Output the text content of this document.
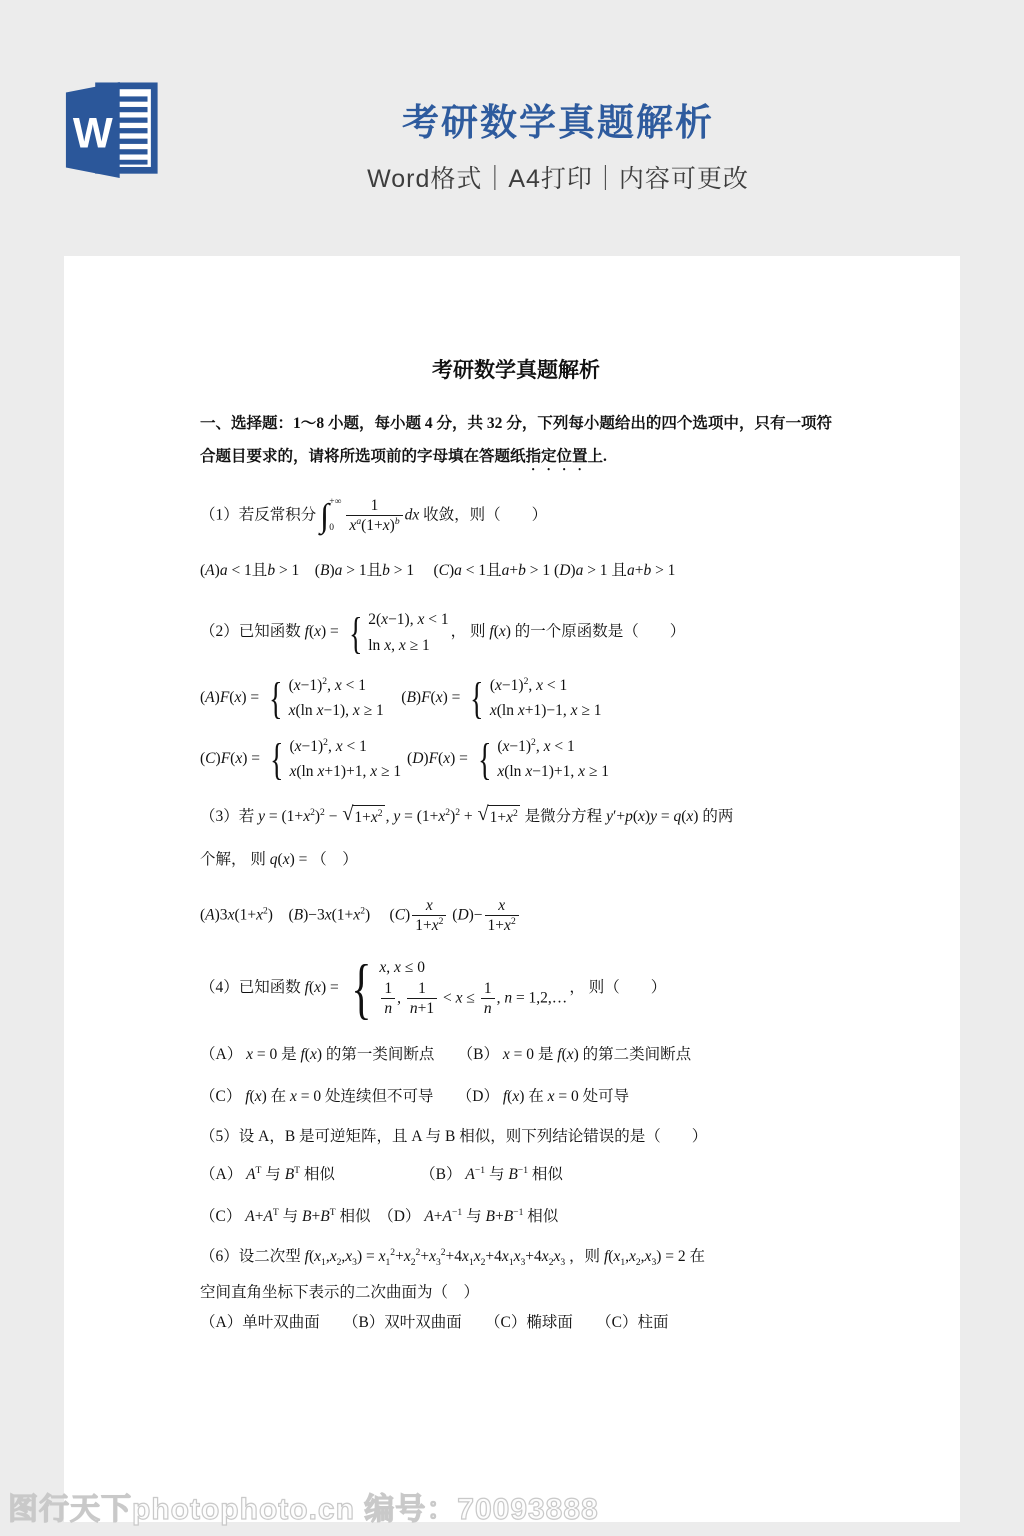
W	考研数学真题解析

Word格式｜A4打印｜内容可更改

考研数学真题解析

一、选择题：1～8 小题，每小题 4 分，共 32 分，下列每小题给出的四个选项中，只有一项符合题目要求的，请将所选项前的字母填在答题纸指定位置上.

（1）若反常积分 ∫ +∞
$0 \frac{1}{x^a(1+x)^b}$ dx 收敛，则（　　）
(A)a < 1且b > 1　(B)a > 1且b > 1　 (C)a < 1且a+b > 1 (D)a > 1 且a+b > 1
（2）已知函数 f(x) =
{ 2(x−1), x < 1
ln x, x ≥ 1
， 则 f(x) 的一个原函数是（　　）
(A)F(x) =
{ $(x-1)^2$, x < 1
x(ln x−1), x ≥ 1
　(B)F(x) =
{ $(x-1)^2$, x < 1
x(ln x+1)−1, x ≥ 1
(C)F(x) =
{ $(x-1)^2$, x < 1
x(ln x+1)+1, x ≥ 1
(D)F(x) =
{ $(x-1)^2$, x < 1
x(ln x−1)+1, x ≥ 1
（3）若 $y = (1+x^2)^2$ − √ $1+x^2$ , $y = (1+x^2)^2$ + √ $1+x^2$ 是微分方程 y′+p(x)y = q(x) 的两
个解， 则 q(x) = （　）
$(A)3x(1+x^2)$　$(B)-3x(1+x^2)$　 $(C) \frac{x}{1+x^2} (D)- \frac{x}{1+x^2}$
（4）已知函数 f(x) =
{ x, x ≤ 0
$\frac{1}{n}$ , $\frac{1}{n+1} < x \le \frac{1}{n}$ , n = 1,2,…
， 则（　　）
（A） x = 0 是 f(x) 的第一类间断点　　（B） x = 0 是 f(x) 的第二类间断点
（C） f(x) 在 x = 0 处连续但不可导　　（D） f(x) 在 x = 0 处可导
（5）设 A，B 是可逆矩阵，且 A 与 B 相似，则下列结论错误的是（　　）
（A） $A^T$ 与 $B^T$ 相似　　　　　　（B） $A^{-1}$ 与 $B^{-1}$ 相似
（C） $A+A^T$ 与 $B+B^T$ 相似　（D） $A+A^{-1}$ 与 $B+B^{-1}$ 相似
（6）设二次型 $f(x_1,x_2,x_3) = x_1^2+x_2^2+x_3^2+4x_1x_2+4x_1x_3+4x_2x_3$ ，则 $f(x_1,x_2,x_3) = 2$ 在
空间直角坐标下表示的二次曲面为（　）
（A）单叶双曲面　　（B）双叶双曲面　　（C）椭球面　　（C）柱面
图行天下photophoto.cn 编号：70093888
